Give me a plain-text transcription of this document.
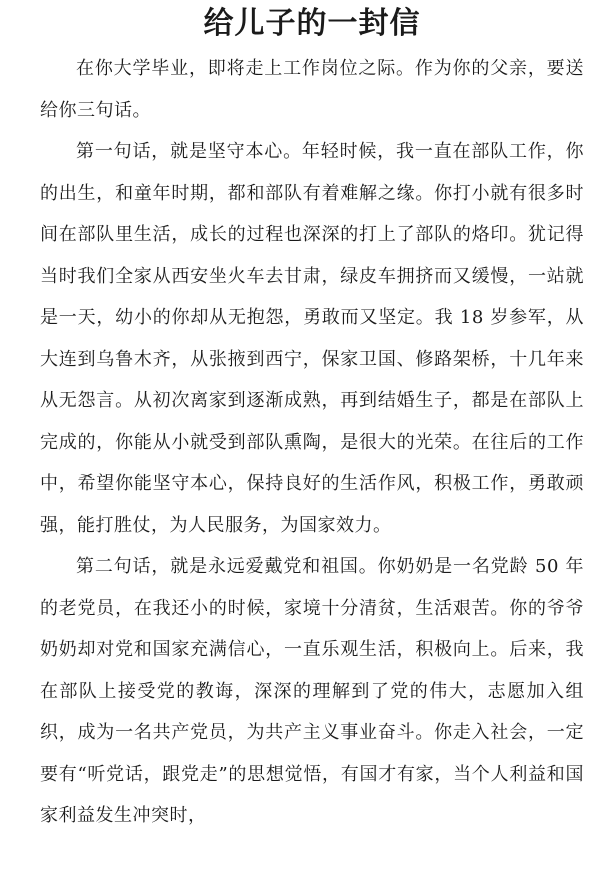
给儿子的一封信

在你大学毕业，即将走上工作岗位之际。作为你的父亲，要送给你三句话。

第一句话，就是坚守本心。年轻时候，我一直在部队工作，你的出生，和童年时期，都和部队有着难解之缘。你打小就有很多时间在部队里生活，成长的过程也深深的打上了部队的烙印。犹记得当时我们全家从西安坐火车去甘肃，绿皮车拥挤而又缓慢，一站就是一天，幼小的你却从无抱怨，勇敢而又坚定。我 18 岁参军，从大连到乌鲁木齐，从张掖到西宁，保家卫国、修路架桥，十几年来从无怨言。从初次离家到逐渐成熟，再到结婚生子，都是在部队上完成的，你能从小就受到部队熏陶，是很大的光荣。在往后的工作中，希望你能坚守本心，保持良好的生活作风，积极工作，勇敢顽强，能打胜仗，为人民服务，为国家效力。

第二句话，就是永远爱戴党和祖国。你奶奶是一名党龄 50 年的老党员，在我还小的时候，家境十分清贫，生活艰苦。你的爷爷奶奶却对党和国家充满信心，一直乐观生活，积极向上。后来，我在部队上接受党的教诲，深深的理解到了党的伟大，志愿加入组织，成为一名共产党员，为共产主义事业奋斗。你走入社会，一定要有“听党话，跟党走”的思想觉悟，有国才有家，当个人利益和国家利益发生冲突时，
